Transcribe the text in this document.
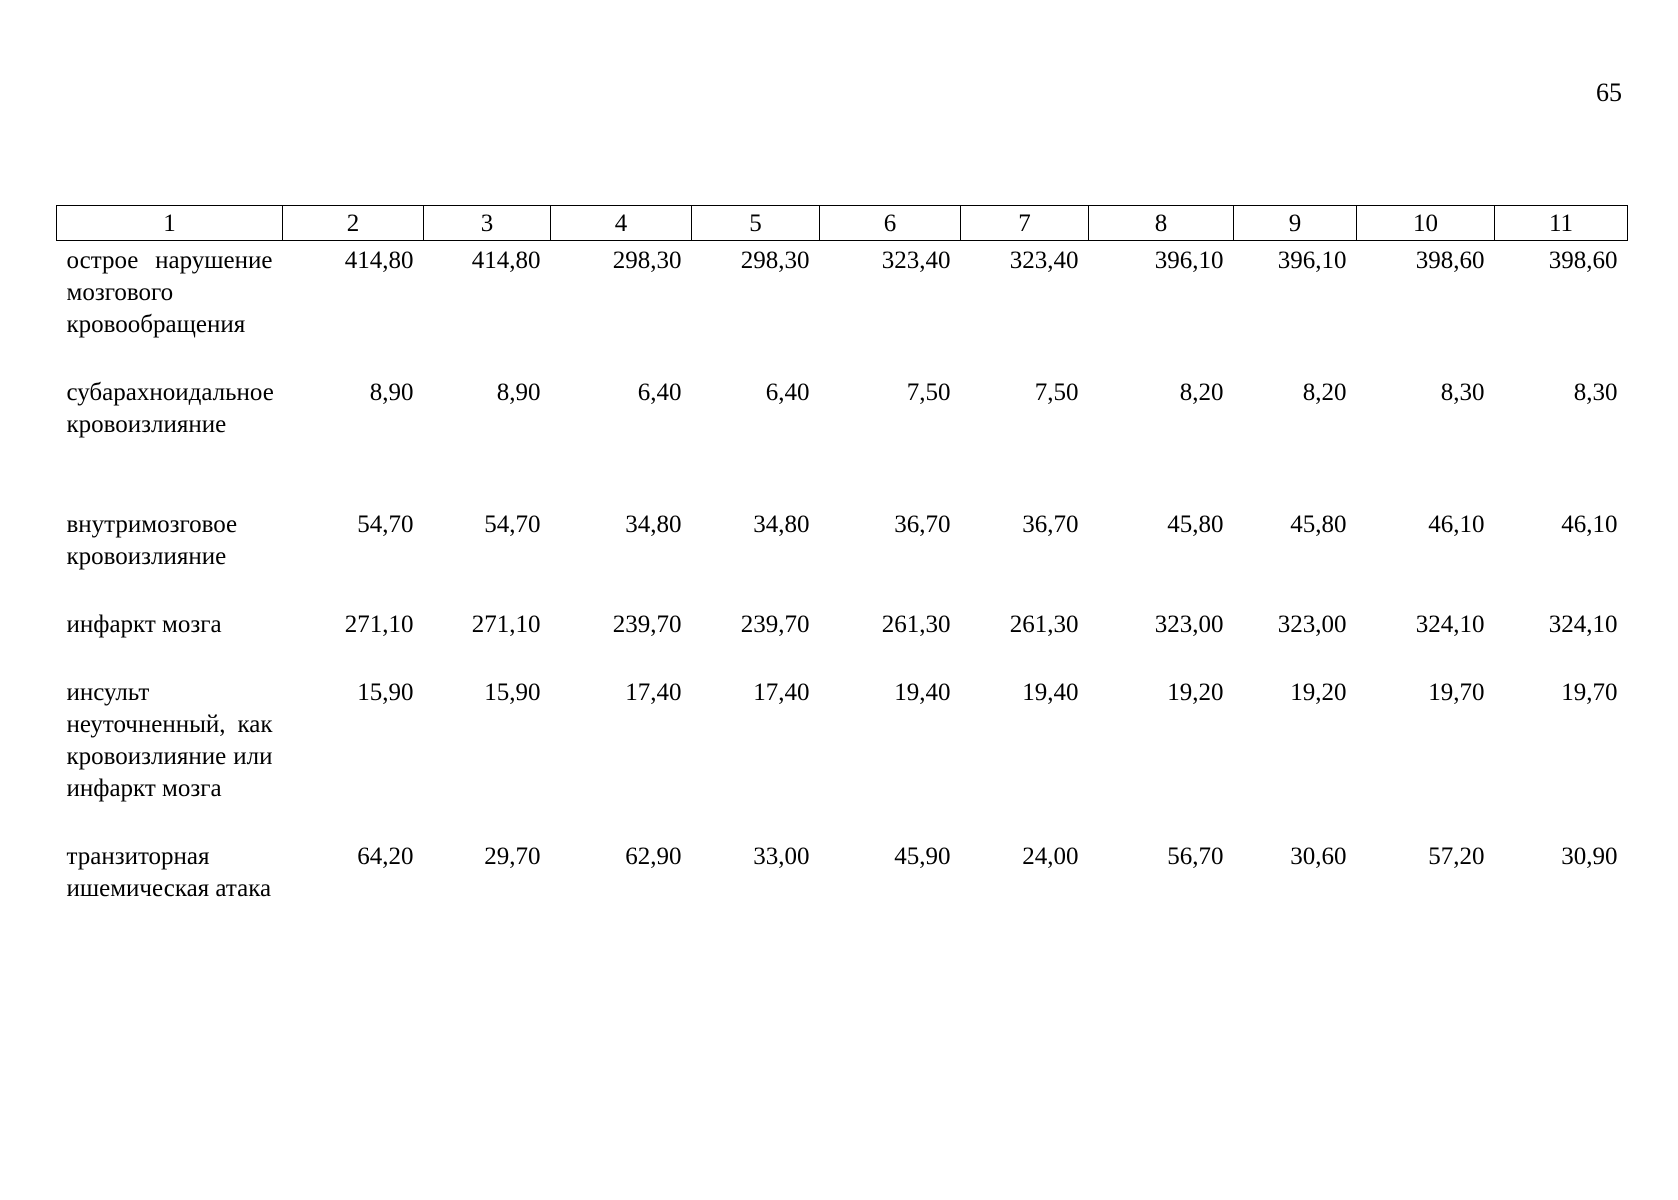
65
1	2	3	4	5	6	7	8	9	10	11
острое нарушение мозгового кровообращения	414,80	414,80	298,30	298,30	323,40	323,40	396,10	396,10	398,60	398,60
субарахноидальное кровоизлияние	8,90	8,90	6,40	6,40	7,50	7,50	8,20	8,20	8,30	8,30
внутримозговое кровоизлияние	54,70	54,70	34,80	34,80	36,70	36,70	45,80	45,80	46,10	46,10
инфаркт мозга	271,10	271,10	239,70	239,70	261,30	261,30	323,00	323,00	324,10	324,10
инсульт неуточненный, как кровоизлияние или инфаркт мозга	15,90	15,90	17,40	17,40	19,40	19,40	19,20	19,20	19,70	19,70
транзиторная ишемическая атака	64,20	29,70	62,90	33,00	45,90	24,00	56,70	30,60	57,20	30,90
